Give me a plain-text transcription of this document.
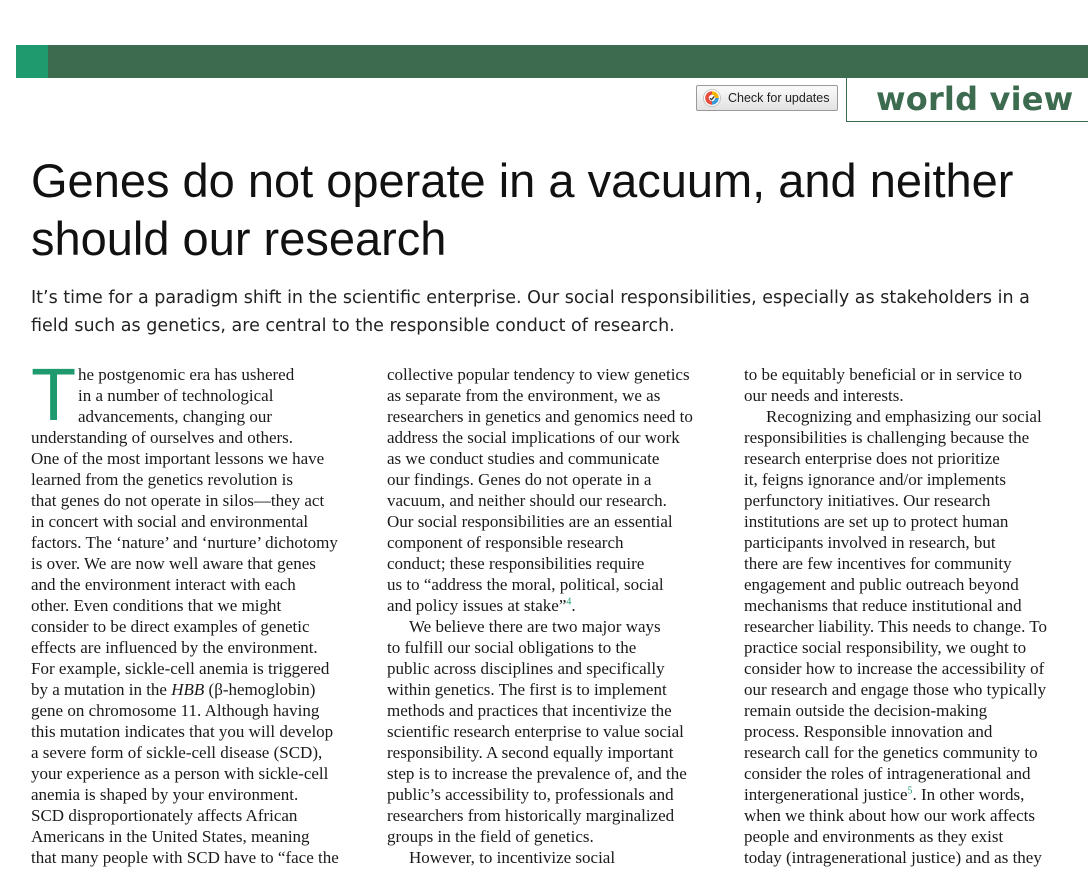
Check for updates world view
Genes do not operate in a vacuum, and neither
should our research

It’s time for a paradigm shift in the scientific enterprise. Our social responsibilities, especially as stakeholders in a
field such as genetics, are central to the responsible conduct of research.

T he postgenomic era has ushered

in a number of technological

advancements, changing our

understanding of ourselves and others.

One of the most important lessons we have

learned from the genetics revolution is

that genes do not operate in silos—they act

in concert with social and environmental

factors. The ‘nature’ and ‘nurture’ dichotomy

is over. We are now well aware that genes

and the environment interact with each

other. Even conditions that we might

consider to be direct examples of genetic

effects are influenced by the environment.

For example, sickle-cell anemia is triggered

by a mutation in the HBB (β-hemoglobin)

gene on chromosome 11. Although having

this mutation indicates that you will develop

a severe form of sickle-cell disease (SCD),

your experience as a person with sickle-cell

anemia is shaped by your environment.

SCD disproportionately affects African

Americans in the United States, meaning

that many people with SCD have to “face the

collective popular tendency to view genetics

as separate from the environment, we as

researchers in genetics and genomics need to

address the social implications of our work

as we conduct studies and communicate

our findings. Genes do not operate in a

vacuum, and neither should our research.

Our social responsibilities are an essential

component of responsible research

conduct; these responsibilities require

us to “address the moral, political, social

and policy issues at stake”$^4$.

We believe there are two major ways

to fulfill our social obligations to the

public across disciplines and specifically

within genetics. The first is to implement

methods and practices that incentivize the

scientific research enterprise to value social

responsibility. A second equally important

step is to increase the prevalence of, and the

public’s accessibility to, professionals and

researchers from historically marginalized

groups in the field of genetics.

However, to incentivize social

to be equitably beneficial or in service to

our needs and interests.

Recognizing and emphasizing our social

responsibilities is challenging because the

research enterprise does not prioritize

it, feigns ignorance and/or implements

perfunctory initiatives. Our research

institutions are set up to protect human

participants involved in research, but

there are few incentives for community

engagement and public outreach beyond

mechanisms that reduce institutional and

researcher liability. This needs to change. To

practice social responsibility, we ought to

consider how to increase the accessibility of

our research and engage those who typically

remain outside the decision-making

process. Responsible innovation and

research call for the genetics community to

consider the roles of intragenerational and

intergenerational justice$^5$. In other words,

when we think about how our work affects

people and environments as they exist

today (intragenerational justice) and as they
